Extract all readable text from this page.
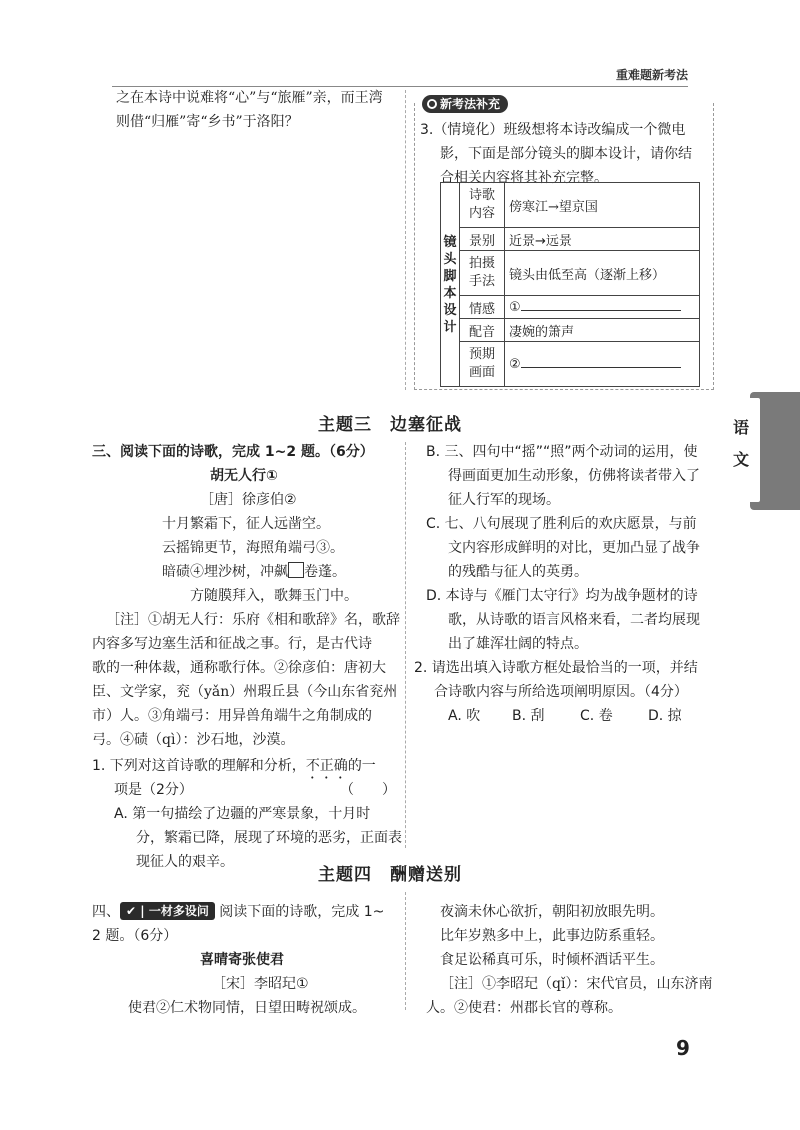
重难题新考法
之在本诗中说难将“心”与“旅雁”亲，而王湾
则借“归雁”寄“乡书”于洛阳？
● 新考法补充
3.（情境化）班级想将本诗改编成一个微电
影，下面是部分镜头的脚本设计，请你结
合相关内容将其补充完整。
镜头脚本设计	诗歌内容	傍寒江→望京国

	景别	近景→远景
	拍摄手法	镜头由低至高（逐渐上移）

	情感	①
	配音	凄婉的箫声
	预期画面	②

主题三　边塞征战	语
文
三、阅读下面的诗歌，完成 1~2 题。（6分）
胡无人行①
［唐］徐彦伯②
十月繁霜下，征人远凿空。
云摇锦更节，海照角端弓③。
暗碛④埋沙树，冲飙 卷蓬。
方随膜拜入，歌舞玉门中。
［注］①胡无人行：乐府《相和歌辞》名，歌辞
内容多写边塞生活和征战之事。行，是古代诗
歌的一种体裁，通称歌行体。②徐彦伯：唐初大
臣、文学家，兖（yǎn）州瑕丘县（今山东省兖州
市）人。③角端弓：用异兽角端牛之角制成的
弓。④碛（qì）：沙石地，沙漠。
1. 下列对这首诗歌的理解和分析，不正确的一
项是（2分）	（　　）
A. 第一句描绘了边疆的严寒景象，十月时
分，繁霜已降，展现了环境的恶劣，正面表
现征人的艰辛。
B. 三、四句中“摇”“照”两个动词的运用，使
得画面更加生动形象，仿佛将读者带入了
征人行军的现场。
C. 七、八句展现了胜利后的欢庆愿景，与前
文内容形成鲜明的对比，更加凸显了战争
的残酷与征人的英勇。
D. 本诗与《雁门太守行》均为战争题材的诗
歌，从诗歌的语言风格来看，二者均展现
出了雄浑壮阔的特点。
2. 请选出填入诗歌方框处最恰当的一项，并结
合诗歌内容与所给选项阐明原因。（4分）
A. 吹 B. 刮	C. 卷	D. 掠
主题四　酬赠送别
四、 ✔ | 一材多设问 阅读下面的诗歌，完成 1~
2 题。（6分）
喜晴寄张使君
［宋］李昭玘①
使君②仁术物同情，日望田畴祝颂成。
夜滴未休心欲折，朝阳初放眼先明。
比年岁熟多中上，此事边防系重轻。
食足讼稀真可乐，时倾杯酒话平生。
［注］①李昭玘（qǐ）：宋代官员，山东济南
人。②使君：州郡长官的尊称。
9
